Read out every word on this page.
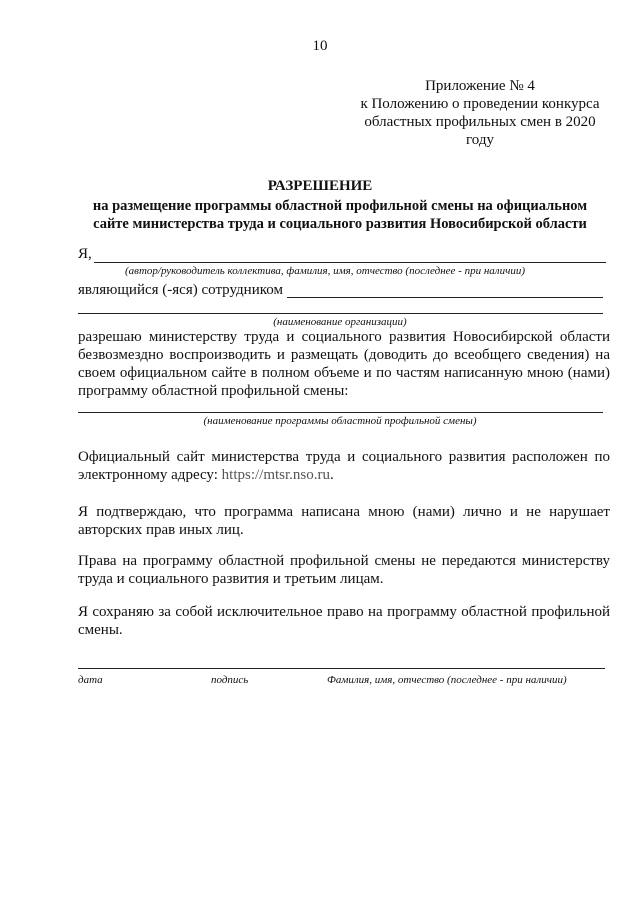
10
Приложение № 4
к Положению о проведении конкурса
областных профильных смен в 2020
году
РАЗРЕШЕНИЕ
на размещение программы областной профильной смены на официальном
сайте министерства труда и социального развития Новосибирской области
Я,
(автор/руководитель коллектива, фамилия, имя, отчество (последнее - при наличии)
являющийся (-яся) сотрудником
(наименование организации)
разрешаю министерству труда и социального развития Новосибирской области
безвозмездно воспроизводить и размещать (доводить до всеобщего сведения) на
своем официальном сайте в полном объеме и по частям написанную мною (нами)
программу областной профильной смены:
(наименование программы областной профильной смены)
Официальный сайт министерства труда и социального развития расположен по
электронному адресу: https://mtsr.nso.ru.
Я подтверждаю, что программа написана мною (нами) лично и не нарушает
авторских прав иных лиц.
Права на программу областной профильной смены не передаются министерству
труда и социального развития и третьим лицам.
Я сохраняю за собой исключительное право на программу областной профильной
смены.
дата	подпись	Фамилия, имя, отчество (последнее - при наличии)
